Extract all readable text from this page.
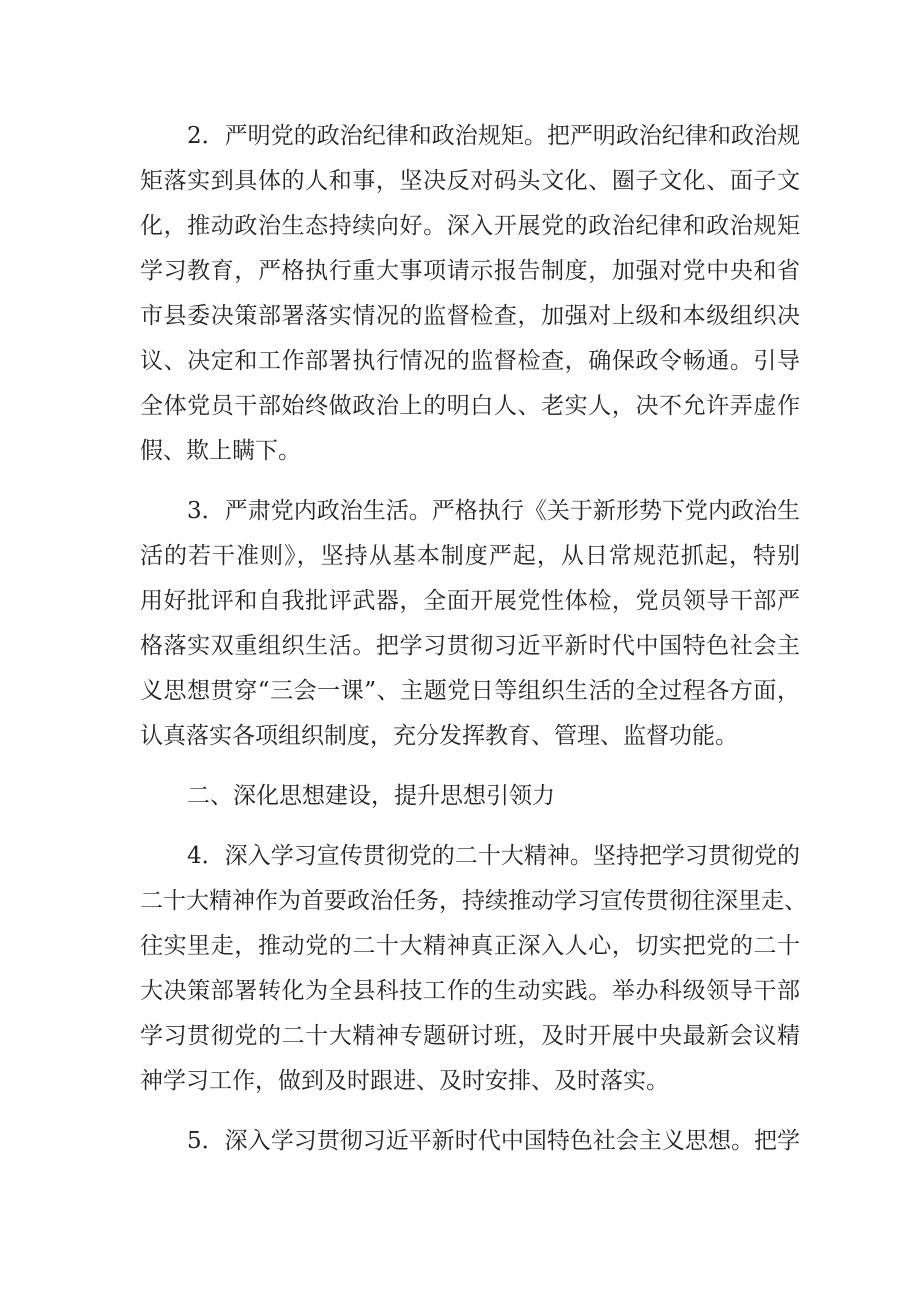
2．严明党的政治纪律和政治规矩。把严明政治纪律和政治规
矩落实到具体的人和事，坚决反对码头文化、圈子文化、面子文
化，推动政治生态持续向好。深入开展党的政治纪律和政治规矩
学习教育，严格执行重大事项请示报告制度，加强对党中央和省
市县委决策部署落实情况的监督检查，加强对上级和本级组织决
议、决定和工作部署执行情况的监督检查，确保政令畅通。引导
全体党员干部始终做政治上的明白人、老实人，决不允许弄虚作
假、欺上瞒下。
3．严肃党内政治生活。严格执行《关于新形势下党内政治生
活的若干准则》，坚持从基本制度严起，从日常规范抓起，特别
用好批评和自我批评武器，全面开展党性体检，党员领导干部严
格落实双重组织生活。把学习贯彻习近平新时代中国特色社会主
义思想贯穿“三会一课”、主题党日等组织生活的全过程各方面，
认真落实各项组织制度，充分发挥教育、管理、监督功能。
二、深化思想建设，提升思想引领力
4．深入学习宣传贯彻党的二十大精神。坚持把学习贯彻党的
二十大精神作为首要政治任务，持续推动学习宣传贯彻往深里走、
往实里走，推动党的二十大精神真正深入人心，切实把党的二十
大决策部署转化为全县科技工作的生动实践。举办科级领导干部
学习贯彻党的二十大精神专题研讨班，及时开展中央最新会议精
神学习工作，做到及时跟进、及时安排、及时落实。
5．深入学习贯彻习近平新时代中国特色社会主义思想。把学
